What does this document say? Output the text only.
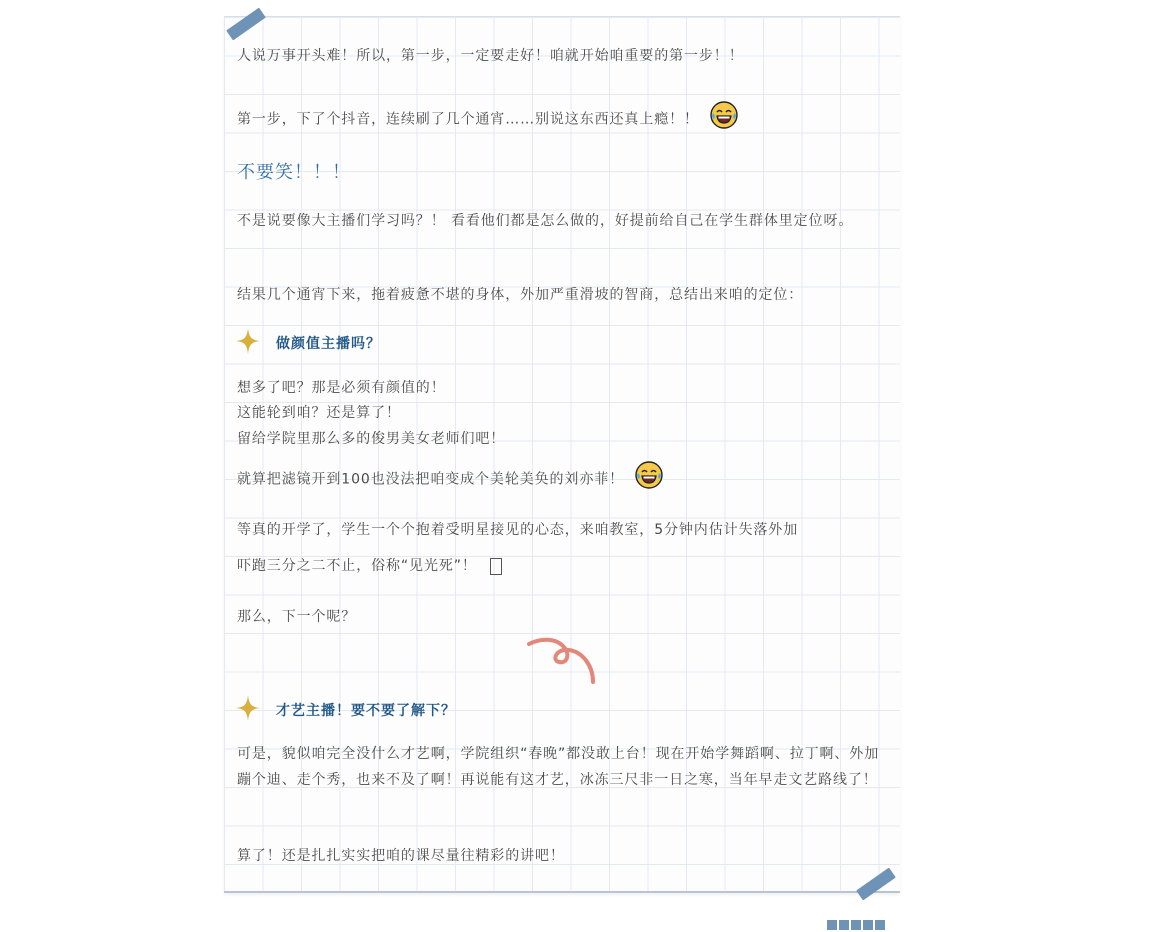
人说万事开头难！所以，第一步，一定要走好！咱就开始咱重要的第一步！！
第一步，下了个抖音，连续刷了几个通宵……别说这东西还真上瘾！！
不要笑！！！
不是说要像大主播们学习吗？！ 看看他们都是怎么做的，好提前给自己在学生群体里定位呀。
结果几个通宵下来，拖着疲惫不堪的身体，外加严重滑坡的智商，总结出来咱的定位：
做颜值主播吗？
想多了吧？那是必须有颜值的！
这能轮到咱？还是算了！
留给学院里那么多的俊男美女老师们吧！
就算把滤镜开到100也没法把咱变成个美轮美奂的刘亦菲！
等真的开学了，学生一个个抱着受明星接见的心态，来咱教室，5分钟内估计失落外加
吓跑三分之二不止，俗称“见光死”！
那么，下一个呢？
才艺主播！要不要了解下？
可是，貌似咱完全没什么才艺啊，学院组织“春晚”都没敢上台！现在开始学舞蹈啊、拉丁啊、外加蹦个迪、走个秀，也来不及了啊！再说能有这才艺，冰冻三尺非一日之寒，当年早走文艺路线了！
算了！还是扎扎实实把咱的课尽量往精彩的讲吧！
